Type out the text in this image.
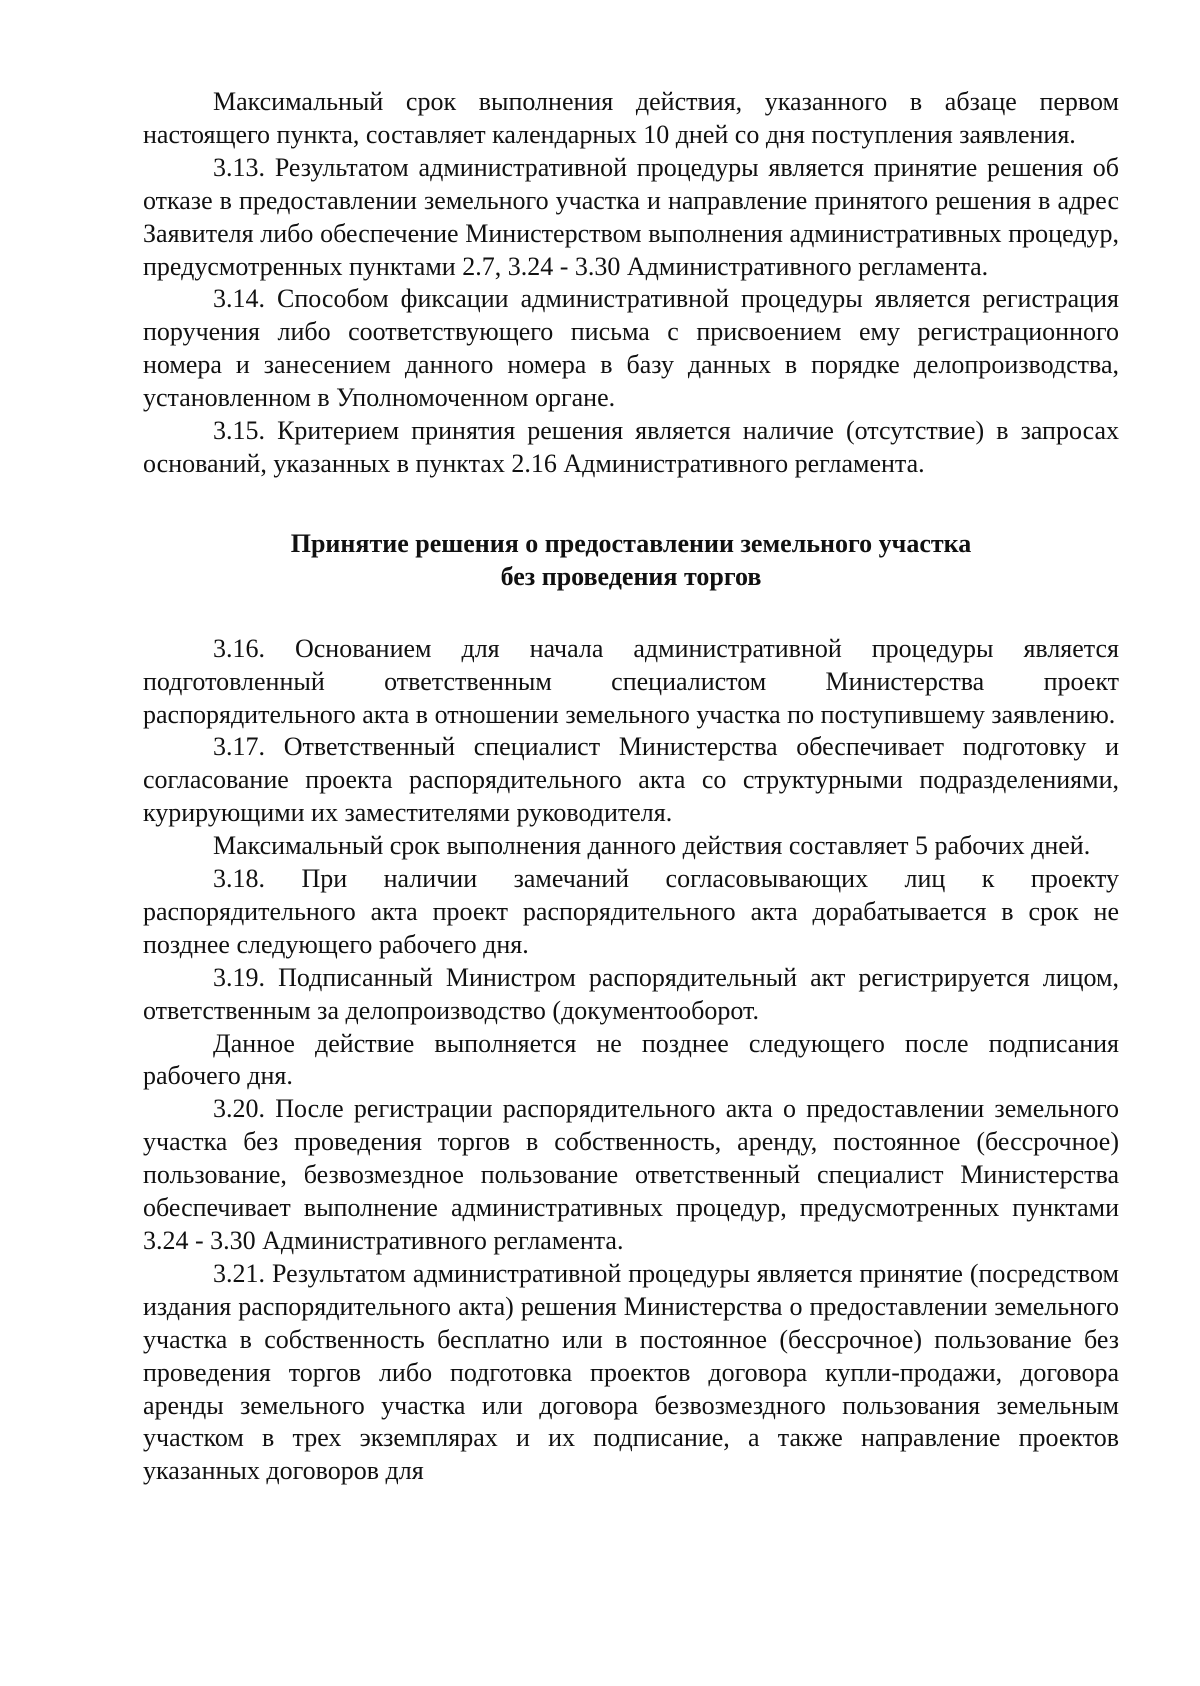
Максимальный срок выполнения действия, указанного в абзаце первом настоящего пункта, составляет календарных 10 дней со дня поступления заявления.

3.13. Результатом административной процедуры является принятие решения об отказе в предоставлении земельного участка и направление принятого решения в адрес Заявителя либо обеспечение Министерством выполнения административных процедур, предусмотренных пунктами 2.7, 3.24 - 3.30 Административного регламента.

3.14. Способом фиксации административной процедуры является регистрация поручения либо соответствующего письма с присвоением ему регистрационного номера и занесением данного номера в базу данных в порядке делопроизводства, установленном в Уполномоченном органе.

3.15. Критерием принятия решения является наличие (отсутствие) в запросах оснований, указанных в пунктах 2.16 Административного регламента.

Принятие решения о предоставлении земельного участка
без проведения торгов

3.16. Основанием для начала административной процедуры является подготовленный ответственным специалистом Министерства проект распорядительного акта в отношении земельного участка по поступившему заявлению.

3.17. Ответственный специалист Министерства обеспечивает подготовку и согласование проекта распорядительного акта со структурными подразделениями, курирующими их заместителями руководителя.

Максимальный срок выполнения данного действия составляет 5 рабочих дней.

3.18. При наличии замечаний согласовывающих лиц к проекту распорядительного акта проект распорядительного акта дорабатывается в срок не позднее следующего рабочего дня.

3.19. Подписанный Министром распорядительный акт регистрируется лицом, ответственным за делопроизводство (документооборот.

Данное действие выполняется не позднее следующего после подписания рабочего дня.

3.20. После регистрации распорядительного акта о предоставлении земельного участка без проведения торгов в собственность, аренду, постоянное (бессрочное) пользование, безвозмездное пользование ответственный специалист Министерства обеспечивает выполнение административных процедур, предусмотренных пунктами 3.24 - 3.30 Административного регламента.

3.21. Результатом административной процедуры является принятие (посредством издания распорядительного акта) решения Министерства о предоставлении земельного участка в собственность бесплатно или в постоянное (бессрочное) пользование без проведения торгов либо подготовка проектов договора купли-продажи, договора аренды земельного участка или договора безвозмездного пользования земельным участком в трех экземплярах и их подписание, а также направление проектов указанных договоров для
